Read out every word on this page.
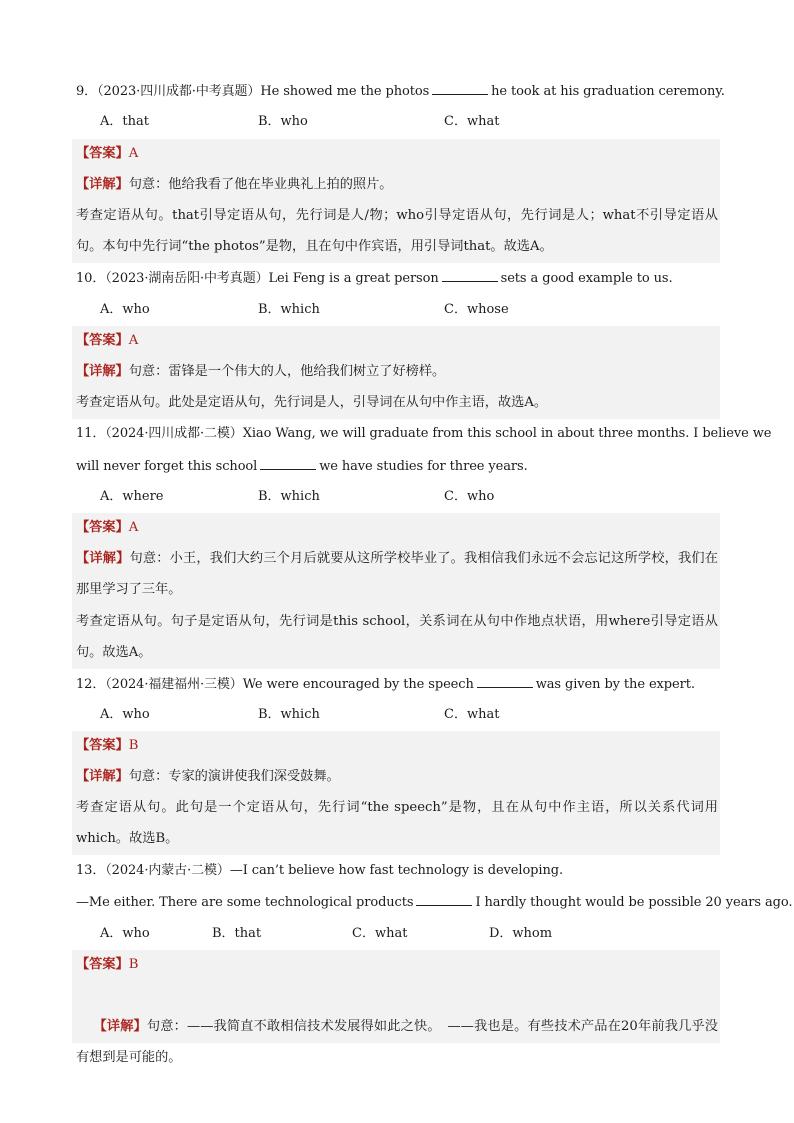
9．（2023·四川成都·中考真题）He showed me the photos	he took at his graduation ceremony.
A．that	B．who	C．what
【答案】A
【详解】句意：他给我看了他在毕业典礼上拍的照片。
考查定语从句。that引导定语从句，先行词是人/物；who引导定语从句，先行词是人；what不引导定语从句。本句中先行词“the photos”是物，且在句中作宾语，用引导词that。故选A。
10．（2023·湖南岳阳·中考真题）Lei Feng is a great person	sets a good example to us.
A．who	B．which	C．whose
【答案】A
【详解】句意：雷锋是一个伟大的人，他给我们树立了好榜样。
考查定语从句。此处是定语从句，先行词是人，引导词在从句中作主语，故选A。
11．（2024·四川成都·二模）Xiao Wang, we will graduate from this school in about three months. I believe we
will never forget this school	we have studies for three years.
A．where	B．which	C．who
【答案】A
【详解】句意：小王，我们大约三个月后就要从这所学校毕业了。我相信我们永远不会忘记这所学校，我们在那里学习了三年。
考查定语从句。句子是定语从句，先行词是this school，关系词在从句中作地点状语，用where引导定语从句。故选A。
12．（2024·福建福州·三模）We were encouraged by the speech	was given by the expert.
A．who	B．which	C．what
【答案】B
【详解】句意：专家的演讲使我们深受鼓舞。
考查定语从句。此句是一个定语从句，先行词“the speech”是物，且在从句中作主语，所以关系代词用which。故选B。
13．（2024·内蒙古·二模）—I can’t believe how fast technology is developing.
—Me either. There are some technological products	I hardly thought would be possible 20 years ago.
A．who	B．that	C．what	D．whom
【答案】B

【详解】句意：——我简直不敢相信技术发展得如此之快。　——我也是。有些技术产品在20年前我几乎没有想到是可能的。
